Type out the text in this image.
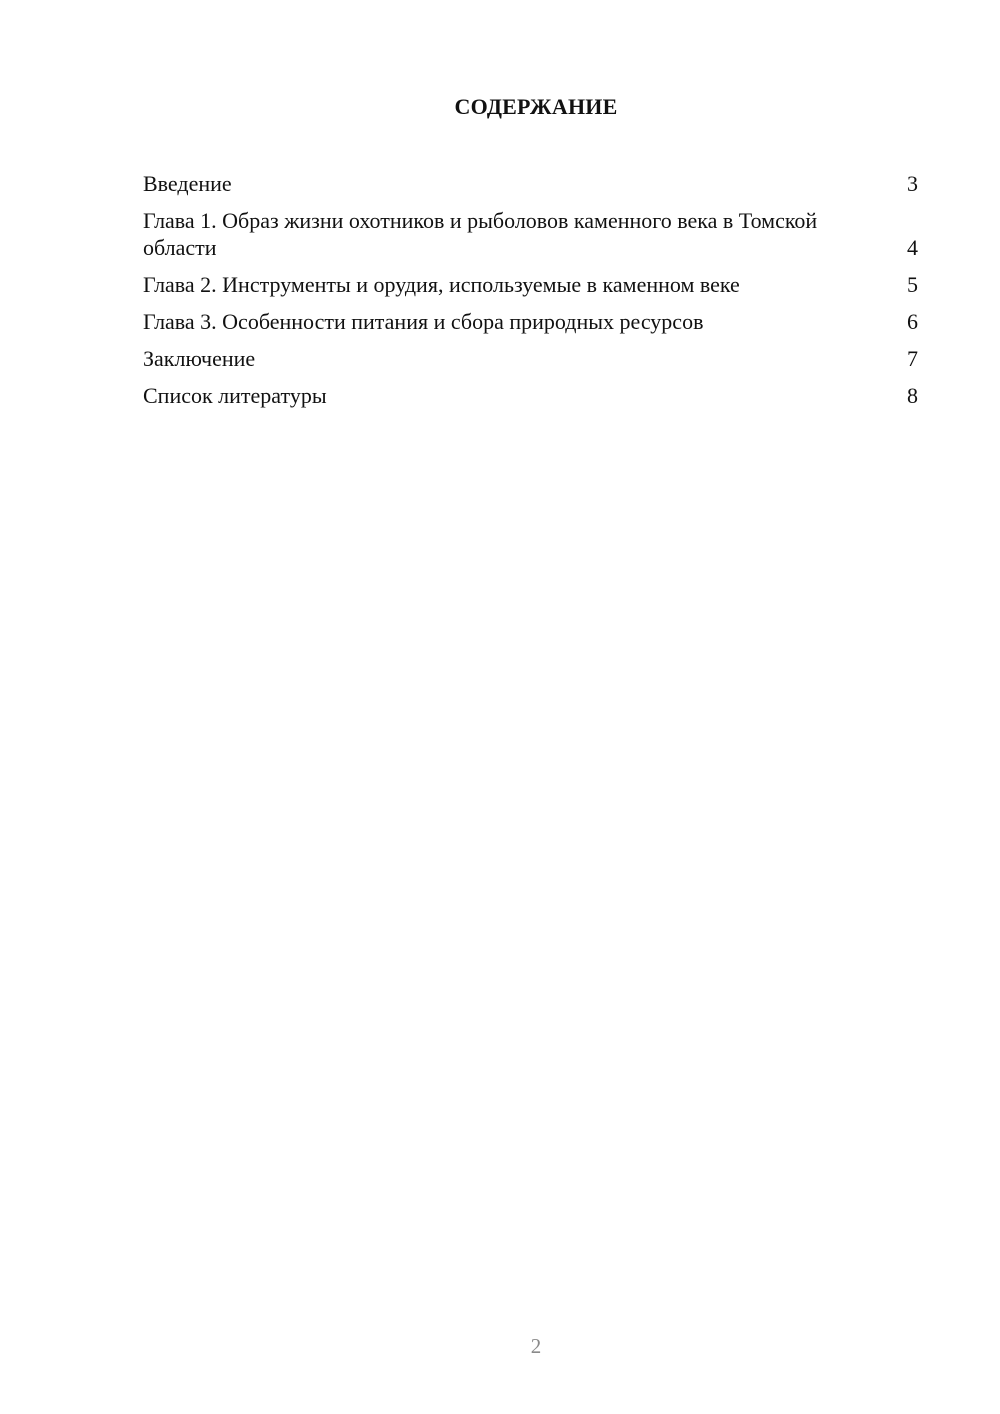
СОДЕРЖАНИЕ
Введение	3
Глава 1. Образ жизни охотников и рыболовов каменного века в Томской области	4
Глава 2. Инструменты и орудия, используемые в каменном веке	5
Глава 3. Особенности питания и сбора природных ресурсов	6
Заключение	7
Список литературы	8
2
